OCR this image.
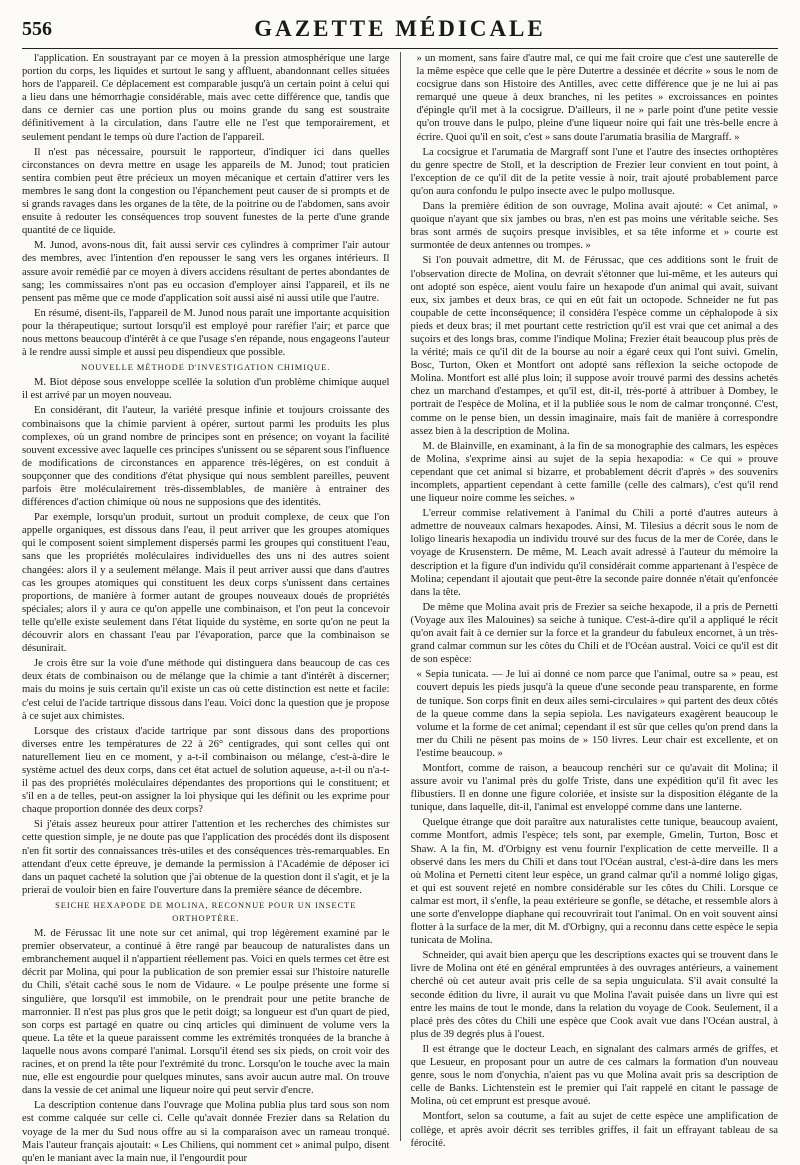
556	GAZETTE MÉDICALE

l'application. En soustrayant par ce moyen à la pression atmosphérique une large portion du corps, les liquides et surtout le sang y affluent, abandonnant celles situées hors de l'appareil. Ce déplacement est comparable jusqu'à un certain point à celui qui a lieu dans une hémorrhagie considérable, mais avec cette différence que, tandis que dans ce dernier cas une portion plus ou moins grande du sang est soustraite définitivement à la circulation, dans l'autre elle ne l'est que temporairement, et seulement pendant le temps où dure l'action de l'appareil.

Il n'est pas nécessaire, poursuit le rapporteur, d'indiquer ici dans quelles circonstances on devra mettre en usage les appareils de M. Junod; tout praticien sentira combien peut être précieux un moyen mécanique et certain d'attirer vers les membres le sang dont la congestion ou l'épanchement peut causer de si prompts et de si grands ravages dans les organes de la tête, de la poitrine ou de l'abdomen, sans avoir ensuite à redouter les conséquences trop souvent funestes de la perte d'une grande quantité de ce liquide.

M. Junod, avons-nous dit, fait aussi servir ces cylindres à comprimer l'air autour des membres, avec l'intention d'en repousser le sang vers les organes intérieurs. Il assure avoir remédié par ce moyen à divers accidens résultant de pertes abondantes de sang; les commissaires n'ont pas eu occasion d'employer ainsi l'appareil, et ils ne pensent pas même que ce mode d'application soit aussi aisé ni aussi utile que l'autre.

En résumé, disent-ils, l'appareil de M. Junod nous paraît une importante acquisition pour la thérapeutique; surtout lorsqu'il est employé pour raréfier l'air; et parce que nous mettons beaucoup d'intérêt à ce que l'usage s'en répande, nous engageons l'auteur à le rendre aussi simple et aussi peu dispendieux que possible.

NOUVELLE MÉTHODE D'INVESTIGATION CHIMIQUE.

M. Biot dépose sous enveloppe scellée la solution d'un problème chimique auquel il est arrivé par un moyen nouveau.

En considérant, dit l'auteur, la variété presque infinie et toujours croissante des combinaisons que la chimie parvient à opérer, surtout parmi les produits les plus complexes, où un grand nombre de principes sont en présence; on voyant la facilité souvent excessive avec laquelle ces principes s'unissent ou se séparent sous l'influence de modifications de circonstances en apparence très-légères, on est conduit à soupçonner que des conditions d'état physique qui nous semblent pareilles, peuvent parfois être moléculairement très-dissemblables, de manière à entrainer des différences d'action chimique où nous ne supposions que des identités.

Par exemple, lorsqu'un produit, surtout un produit complexe, de ceux que l'on appelle organiques, est dissous dans l'eau, il peut arriver que les groupes atomiques qui le composent soient simplement dispersés parmi les groupes qui constituent l'eau, sans que les propriétés moléculaires individuelles des uns ni des autres soient changées: alors il y a seulement mélange. Mais il peut arriver aussi que dans d'autres cas les groupes atomiques qui constituent les deux corps s'unissent dans certaines proportions, de manière à former autant de groupes nouveaux doués de propriétés spéciales; alors il y aura ce qu'on appelle une combinaison, et l'on peut la concevoir telle qu'elle existe seulement dans l'état liquide du système, en sorte qu'on ne peut la découvrir alors en chassant l'eau par l'évaporation, parce que la combinaison se désunirait.

Je crois être sur la voie d'une méthode qui distinguera dans beaucoup de cas ces deux états de combinaison ou de mélange que la chimie a tant d'intérêt à discerner; mais du moins je suis certain qu'il existe un cas où cette distinction est nette et facile: c'est celui de l'acide tartrique dissous dans l'eau. Voici donc la question que je propose à ce sujet aux chimistes.

Lorsque des cristaux d'acide tartrique par sont dissous dans des proportions diverses entre les températures de 22 à 26° centigrades, qui sont celles qui ont naturellement lieu en ce moment, y a-t-il combinaison ou mélange, c'est-à-dire le système actuel des deux corps, dans cet état actuel de solution aqueuse, a-t-il ou n'a-t-il pas des propriétés moléculaires dépendantes des proportions qui le constituent; et s'il en a de telles, peut-on assigner la loi physique qui les définit ou les exprime pour chaque proportion donnée des deux corps?

Si j'étais assez heureux pour attirer l'attention et les recherches des chimistes sur cette question simple, je ne doute pas que l'application des procédés dont ils disposent n'en fit sortir des connaissances très-utiles et des conséquences très-remarquables. En attendant d'eux cette épreuve, je demande la permission à l'Académie de déposer ici dans un paquet cacheté la solution que j'ai obtenue de la question dont il s'agit, et je la prierai de vouloir bien en faire l'ouverture dans la première séance de décembre.

SEICHE HEXAPODE DE MOLINA, RECONNUE POUR UN INSECTE ORTHOPTÈRE.

M. de Férussac lit une note sur cet animal, qui trop légèrement examiné par le premier observateur, a continué à être rangé par beaucoup de naturalistes dans un embranchement auquel il n'appartient réellement pas. Voici en quels termes cet être est décrit par Molina, qui pour la publication de son premier essai sur l'histoire naturelle du Chili, s'était caché sous le nom de Vidaure. « Le poulpe présente une forme si singulière, que lorsqu'il est immobile, on le prendrait pour une petite branche de marronnier. Il n'est pas plus gros que le petit doigt; sa longueur est d'un quart de pied, son corps est partagé en quatre ou cinq articles qui diminuent de volume vers la queue. La tête et la queue paraissent comme les extrémités tronquées de la branche à laquelle nous avons comparé l'animal. Lorsqu'il étend ses six pieds, on croit voir des racines, et on prend la tête pour l'extrémité du tronc. Lorsqu'on le touche avec la main nue, elle est engourdie pour quelques minutes, sans avoir aucun autre mal. On trouve dans la vessie de cet animal une liqueur noire qui peut servir d'encre.

La description contenue dans l'ouvrage que Molina publia plus tard sous son nom est comme calquée sur celle ci. Celle qu'avait donnée Frezier dans sa Relation du voyage de la mer du Sud nous offre au si la comparaison avec un rameau tronqué. Mais l'auteur français ajoutait: « Les Chiliens, qui nomment cet » animal pulpo, disent qu'en le maniant avec la main nue, il l'engourdit pour

» un moment, sans faire d'autre mal, ce qui me fait croire que c'est une sauterelle de la même espèce que celle que le père Dutertre a dessinée et décrite » sous le nom de cocsigrue dans son Histoire des Antilles, avec cette différence que je ne lui ai pas remarqué une queue à deux branches, ni les petites » excroissances en pointes d'épingle qu'il met à la cocsigrue. D'ailleurs, il ne » parle point d'une petite vessie qu'on trouve dans le pulpo, pleine d'une liqueur noire qui fait une très-belle encre à écrire. Quoi qu'il en soit, c'est » sans doute l'arumatia brasilia de Margraff. »

La cocsigrue et l'arumatia de Margraff sont l'une et l'autre des insectes orthoptères du genre spectre de Stoll, et la description de Frezier leur convient en tout point, à l'exception de ce qu'il dit de la petite vessie à noir, trait ajouté probablement parce qu'on aura confondu le pulpo insecte avec le pulpo mollusque.

Dans la première édition de son ouvrage, Molina avait ajouté: « Cet animal, » quoique n'ayant que six jambes ou bras, n'en est pas moins une véritable seiche. Ses bras sont armés de suçoirs presque invisibles, et sa tête informe et » courte est surmontée de deux antennes ou trompes. »

Si l'on pouvait admettre, dit M. de Férussac, que ces additions sont le fruit de l'observation directe de Molina, on devrait s'étonner que lui-même, et les auteurs qui ont adopté son espèce, aient voulu faire un hexapode d'un animal qui avait, suivant eux, six jambes et deux bras, ce qui en eût fait un octopode. Schneider ne fut pas coupable de cette inconséquence; il considéra l'espèce comme un céphalopode à six pieds et deux bras; il met pourtant cette restriction qu'il est vrai que cet animal a des suçoirs et des longs bras, comme l'indique Molina; Frezier était beaucoup plus près de la vérité; mais ce qu'il dit de la bourse au noir a égaré ceux qui l'ont suivi. Gmelin, Bosc, Turton, Oken et Montfort ont adopté sans réflexion la seiche octopode de Molina. Montfort est allé plus loin; il suppose avoir trouvé parmi des dessins achetés chez un marchand d'estampes, et qu'il est, dit-il, très-porté à attribuer à Dombey, le portrait de l'espèce de Molina, et il la publiée sous le nom de calmar tronçonné. C'est, comme on le pense bien, un dessin imaginaire, mais fait de manière à correspondre assez bien à la description de Molina.

M. de Blainville, en examinant, à la fin de sa monographie des calmars, les espèces de Molina, s'exprime ainsi au sujet de la sepia hexapodia: « Ce qui » prouve cependant que cet animal si bizarre, et probablement décrit d'après » des souvenirs incomplets, appartient cependant à cette famille (celle des calmars), c'est qu'il rend une liqueur noire comme les seiches. »

L'erreur commise relativement à l'animal du Chili a porté d'autres auteurs à admettre de nouveaux calmars hexapodes. Ainsi, M. Tilesius a décrit sous le nom de loligo linearis hexapodia un individu trouvé sur des fucus de la mer de Corée, dans le voyage de Krusenstern. De même, M. Leach avait adressé à l'auteur du mémoire la description et la figure d'un individu qu'il considérait comme appartenant à l'espèce de Molina; cependant il ajoutait que peut-être la seconde paire donnée n'était qu'enfoncée dans la tête.

De même que Molina avait pris de Frezier sa seiche hexapode, il a pris de Pernetti (Voyage aux îles Malouines) sa seiche à tunique. C'est-à-dire qu'il a appliqué le récit qu'on avait fait à ce dernier sur la force et la grandeur du fabuleux encornet, à un très-grand calmar commun sur les côtes du Chili et de l'Océan austral. Voici ce qu'il est dit de son espèce:

« Sepia tunicata. — Je lui ai donné ce nom parce que l'animal, outre sa » peau, est couvert depuis les pieds jusqu'à la queue d'une seconde peau transparente, en forme de tunique. Son corps finit en deux ailes semi-circulaires » qui partent des deux côtés de la queue comme dans la sepia sepiola. Les navigateurs exagèrent beaucoup le volume et la forme de cet animal; cependant il est sûr que celles qu'on prend dans la mer du Chili ne pèsent pas moins de » 150 livres. Leur chair est excellente, et on l'estime beaucoup. »

Montfort, comme de raison, a beaucoup renchéri sur ce qu'avait dit Molina; il assure avoir vu l'animal près du golfe Triste, dans une expédition qu'il fit avec les flibustiers. Il en donne une figure coloriée, et insiste sur la disposition élégante de la tunique, dans laquelle, dit-il, l'animal est enveloppé comme dans une lanterne.

Quelque étrange que doit paraître aux naturalistes cette tunique, beaucoup avaient, comme Montfort, admis l'espèce; tels sont, par exemple, Gmelin, Turton, Bosc et Shaw. A la fin, M. d'Orbigny est venu fournir l'explication de cette merveille. Il a observé dans les mers du Chili et dans tout l'Océan austral, c'est-à-dire dans les mers où Molina et Pernetti citent leur espèce, un grand calmar qu'il a nommé loligo gigas, et qui est souvent rejeté en nombre considérable sur les côtes du Chili. Lorsque ce calmar est mort, il s'enfle, la peau extérieure se gonfle, se détache, et ressemble alors à une sorte d'enveloppe diaphane qui recouvrirait tout l'animal. On en voit souvent ainsi flotter à la surface de la mer, dit M. d'Orbigny, qui a reconnu dans cette espèce le sepia tunicata de Molina.

Schneider, qui avait bien aperçu que les descriptions exactes qui se trouvent dans le livre de Molina ont été en général empruntées à des ouvrages antérieurs, a vainement cherché où cet auteur avait pris celle de sa sepia unguiculata. S'il avait consulté la seconde édition du livre, il aurait vu que Molina l'avait puisée dans un livre qui est entre les mains de tout le monde, dans la relation du voyage de Cook. Seulement, il a placé près des côtes du Chili une espèce que Cook avait vue dans l'Océan austral, à plus de 39 degrés plus à l'ouest.

Il est étrange que le docteur Leach, en signalant des calmars armés de griffes, et que Lesueur, en proposant pour un autre de ces calmars la formation d'un nouveau genre, sous le nom d'onychia, n'aient pas vu que Molina avait pris sa description de celle de Banks. Lichtenstein est le premier qui l'ait rappelé en citant le passage de Molina, où cet emprunt est presque avoué.

Montfort, selon sa coutume, a fait au sujet de cette espèce une amplification de collège, et après avoir décrit ses terribles griffes, il fait un effrayant tableau de sa férocité.
